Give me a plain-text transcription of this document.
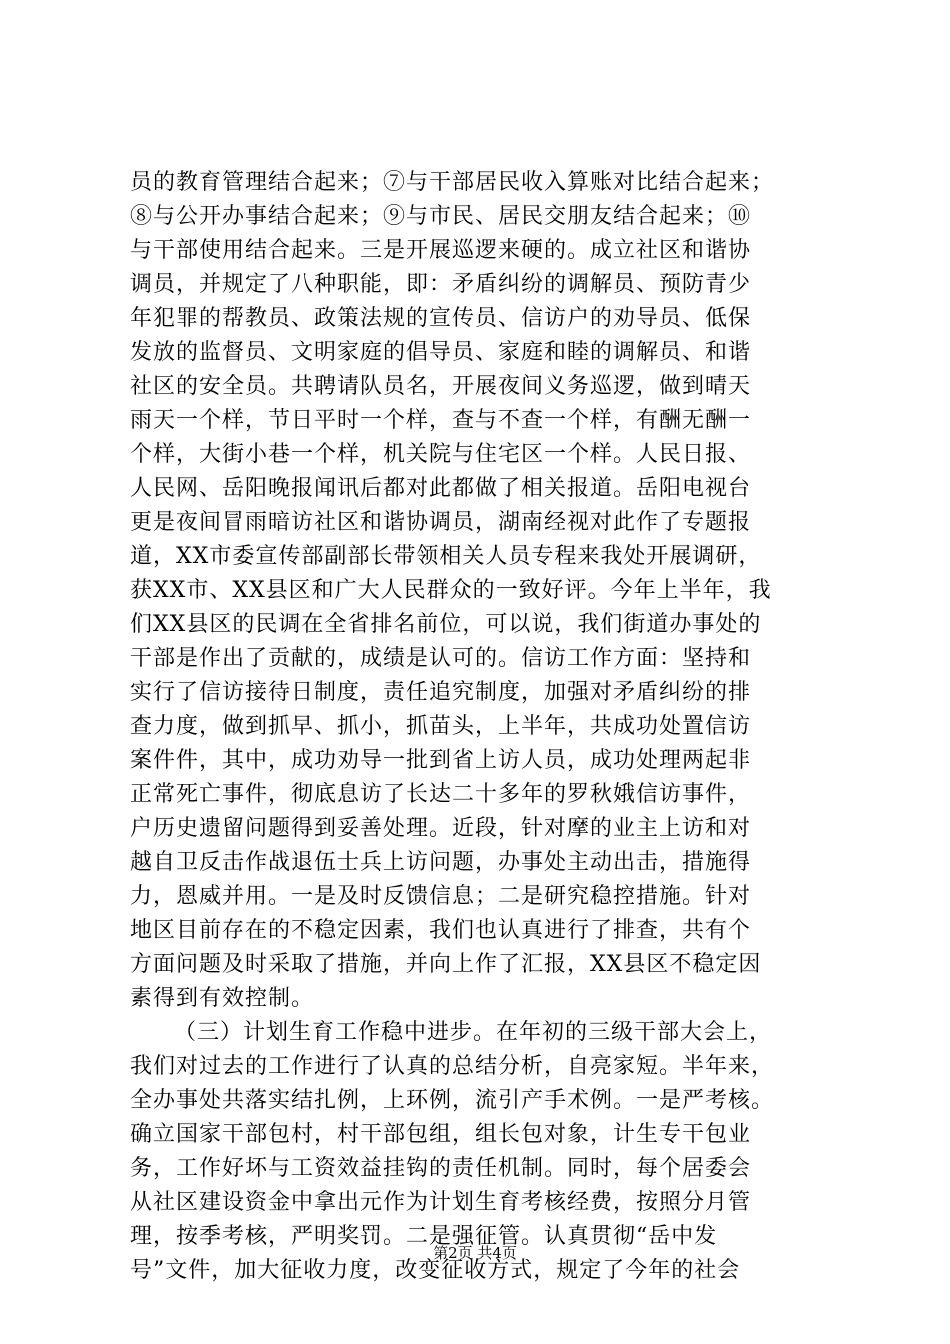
员的教育管理结合起来；⑦与干部居民收入算账对比结合起来；
⑧与公开办事结合起来；⑨与市民、居民交朋友结合起来；⑩
与干部使用结合起来。三是开展巡逻来硬的。成立社区和谐协
调员，并规定了八种职能，即：矛盾纠纷的调解员、预防青少
年犯罪的帮教员、政策法规的宣传员、信访户的劝导员、低保
发放的监督员、文明家庭的倡导员、家庭和睦的调解员、和谐
社区的安全员。共聘请队员名，开展夜间义务巡逻，做到晴天
雨天一个样，节日平时一个样，查与不查一个样，有酬无酬一
个样，大街小巷一个样，机关院与住宅区一个样。人民日报、
人民网、岳阳晚报闻讯后都对此都做了相关报道。岳阳电视台
更是夜间冒雨暗访社区和谐协调员，湖南经视对此作了专题报
道，XX市委宣传部副部长带领相关人员专程来我处开展调研，
获XX市、XX县区和广大人民群众的一致好评。今年上半年，我
们XX县区的民调在全省排名前位，可以说，我们街道办事处的
干部是作出了贡献的，成绩是认可的。信访工作方面：坚持和
实行了信访接待日制度，责任追究制度，加强对矛盾纠纷的排
查力度，做到抓早、抓小，抓苗头，上半年，共成功处置信访
案件件，其中，成功劝导一批到省上访人员，成功处理两起非
正常死亡事件，彻底息访了长达二十多年的罗秋娥信访事件，
户历史遗留问题得到妥善处理。近段，针对摩的业主上访和对
越自卫反击作战退伍士兵上访问题，办事处主动出击，措施得
力，恩威并用。一是及时反馈信息；二是研究稳控措施。针对
地区目前存在的不稳定因素，我们也认真进行了排查，共有个
方面问题及时采取了措施，并向上作了汇报，XX县区不稳定因
素得到有效控制。
（三）计划生育工作稳中进步。在年初的三级干部大会上，
我们对过去的工作进行了认真的总结分析，自亮家短。半年来，
全办事处共落实结扎例，上环例，流引产手术例。一是严考核。
确立国家干部包村，村干部包组，组长包对象，计生专干包业
务，工作好坏与工资效益挂钩的责任机制。同时，每个居委会
从社区建设资金中拿出元作为计划生育考核经费，按照分月管
理，按季考核，严明奖罚。二是强征管。认真贯彻“岳中发
号”文件，加大征收力度，改变征收方式，规定了今年的社会
第2页 共4页
